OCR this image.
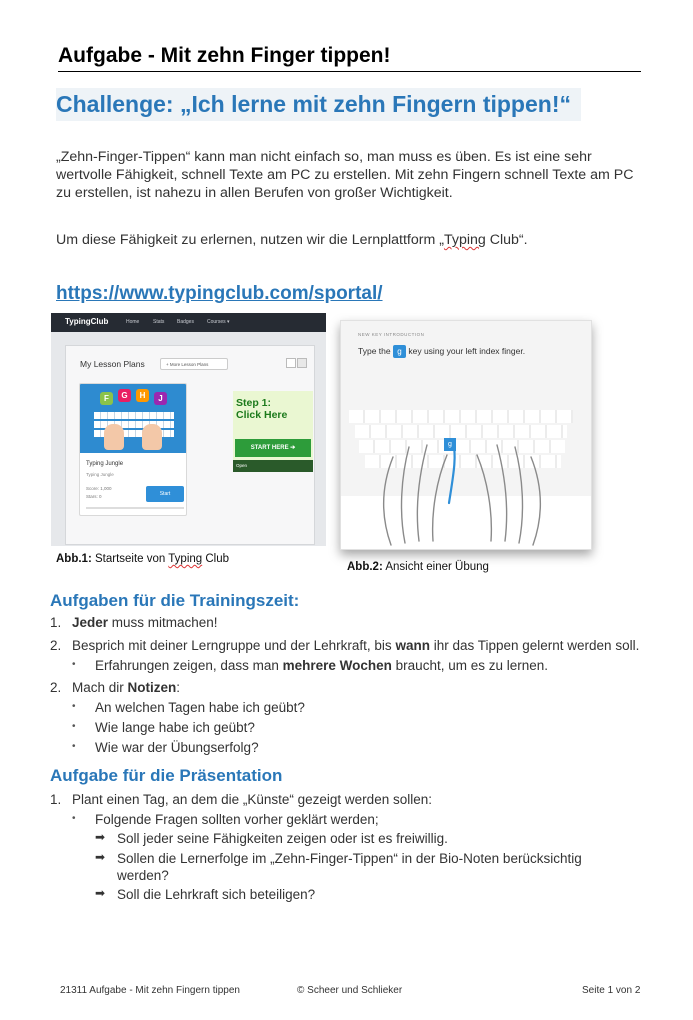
Aufgabe - Mit zehn Finger tippen!
Challenge: „Ich lerne mit zehn Fingern tippen!“
„Zehn-Finger-Tippen“ kann man nicht einfach so, man muss es üben. Es ist eine sehr wertvolle Fähigkeit, schnell Texte am PC zu erstellen. Mit zehn Fingern schnell Texte am PC zu erstellen, ist nahezu in allen Berufen von großer Wichtigkeit.
Um diese Fähigkeit zu erlernen, nutzen wir die Lernplattform „Typing Club“.
https://www.typingclub.com/sportal/
TypingClub	Home	Stats	Badges	Courses ▾
My Lesson Plans	+ More Lesson Plans
F	G	H	J
Typing Jungle
Typing Jungle
Score: 1,000
Stars: 0	Start
Step 1:
Click Here
START HERE ➔
Open
NEW KEY INTRODUCTION
Type the g key using your left index finger.
g
Abb.1: Startseite von Typing Club
Abb.2: Ansicht einer Übung
Aufgaben für die Trainingszeit:
1. Jeder muss mitmachen!
2. Besprich mit deiner Lerngruppe und der Lehrkraft, bis wann ihr das Tippen gelernt werden soll.
• Erfahrungen zeigen, dass man mehrere Wochen braucht, um es zu lernen.
2. Mach dir Notizen:
• An welchen Tagen habe ich geübt?
• Wie lange habe ich geübt?
• Wie war der Übungserfolg?
Aufgabe für die Präsentation
1. Plant einen Tag, an dem die „Künste“ gezeigt werden sollen:
• Folgende Fragen sollten vorher geklärt werden;
➡ Soll jeder seine Fähigkeiten zeigen oder ist es freiwillig.
➡ Sollen die Lernerfolge im „Zehn-Finger-Tippen“ in der Bio-Noten berücksichtig werden?
➡ Soll die Lehrkraft sich beteiligen?
21311 Aufgabe - Mit zehn Fingern tippen	© Scheer und Schlieker	Seite 1 von 2
